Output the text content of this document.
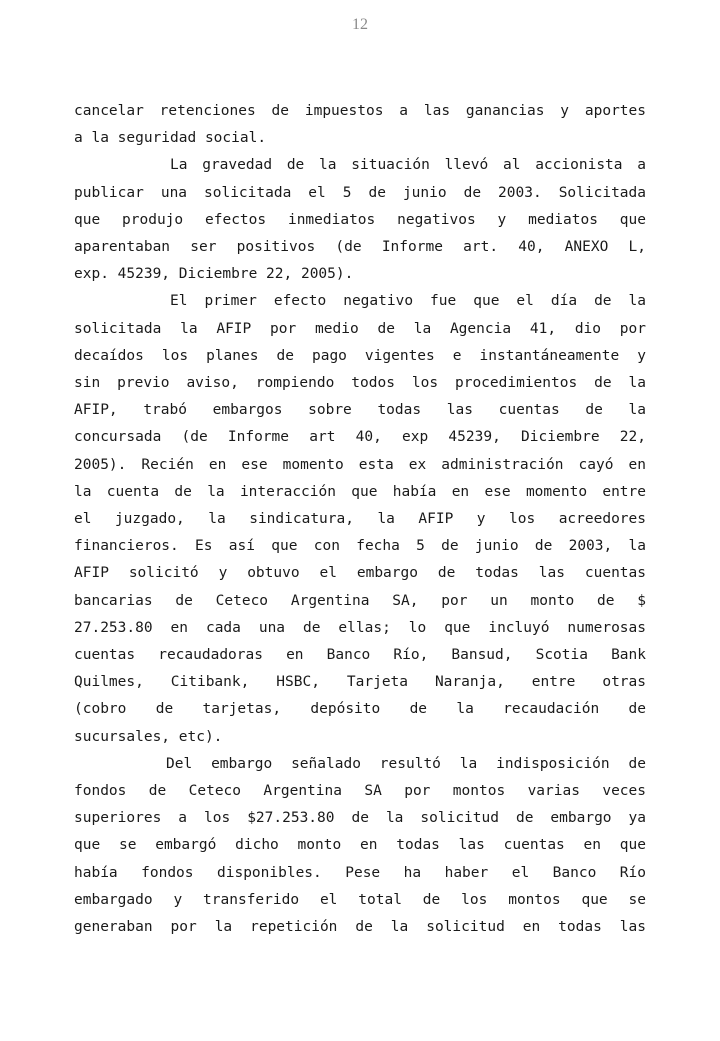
12

cancelar retenciones de impuestos a las ganancias y aportes
a la seguridad social.

La gravedad de la situación llevó al accionista a
publicar una solicitada el 5 de junio de 2003. Solicitada
que produjo efectos inmediatos negativos y mediatos que
aparentaban ser positivos (de Informe art. 40, ANEXO L,
exp. 45239, Diciembre 22, 2005).

El primer efecto negativo fue que el día de la
solicitada la AFIP por medio de la Agencia 41, dio por
decaídos los planes de pago vigentes e instantáneamente y
sin previo aviso, rompiendo todos los procedimientos de la
AFIP, trabó embargos sobre todas las cuentas de la
concursada (de Informe art 40, exp 45239, Diciembre 22,
2005). Recién en ese momento esta ex administración cayó en
la cuenta de la interacción que había en ese momento entre
el juzgado, la sindicatura, la AFIP y los acreedores
financieros. Es así que con fecha 5 de junio de 2003, la
AFIP solicitó y obtuvo el embargo de todas las cuentas
bancarias de Ceteco Argentina SA, por un monto de $
27.253.80 en cada una de ellas; lo que incluyó numerosas
cuentas recaudadoras en Banco Río, Bansud, Scotia Bank
Quilmes, Citibank, HSBC, Tarjeta Naranja, entre otras
(cobro de tarjetas, depósito de la recaudación de
sucursales, etc).

Del embargo señalado resultó la indisposición de
fondos de Ceteco Argentina SA por montos varias veces
superiores a los $27.253.80 de la solicitud de embargo ya
que se embargó dicho monto en todas las cuentas en que
había fondos disponibles. Pese ha haber el Banco Río
embargado y transferido el total de los montos que se
generaban por la repetición de la solicitud en todas las
